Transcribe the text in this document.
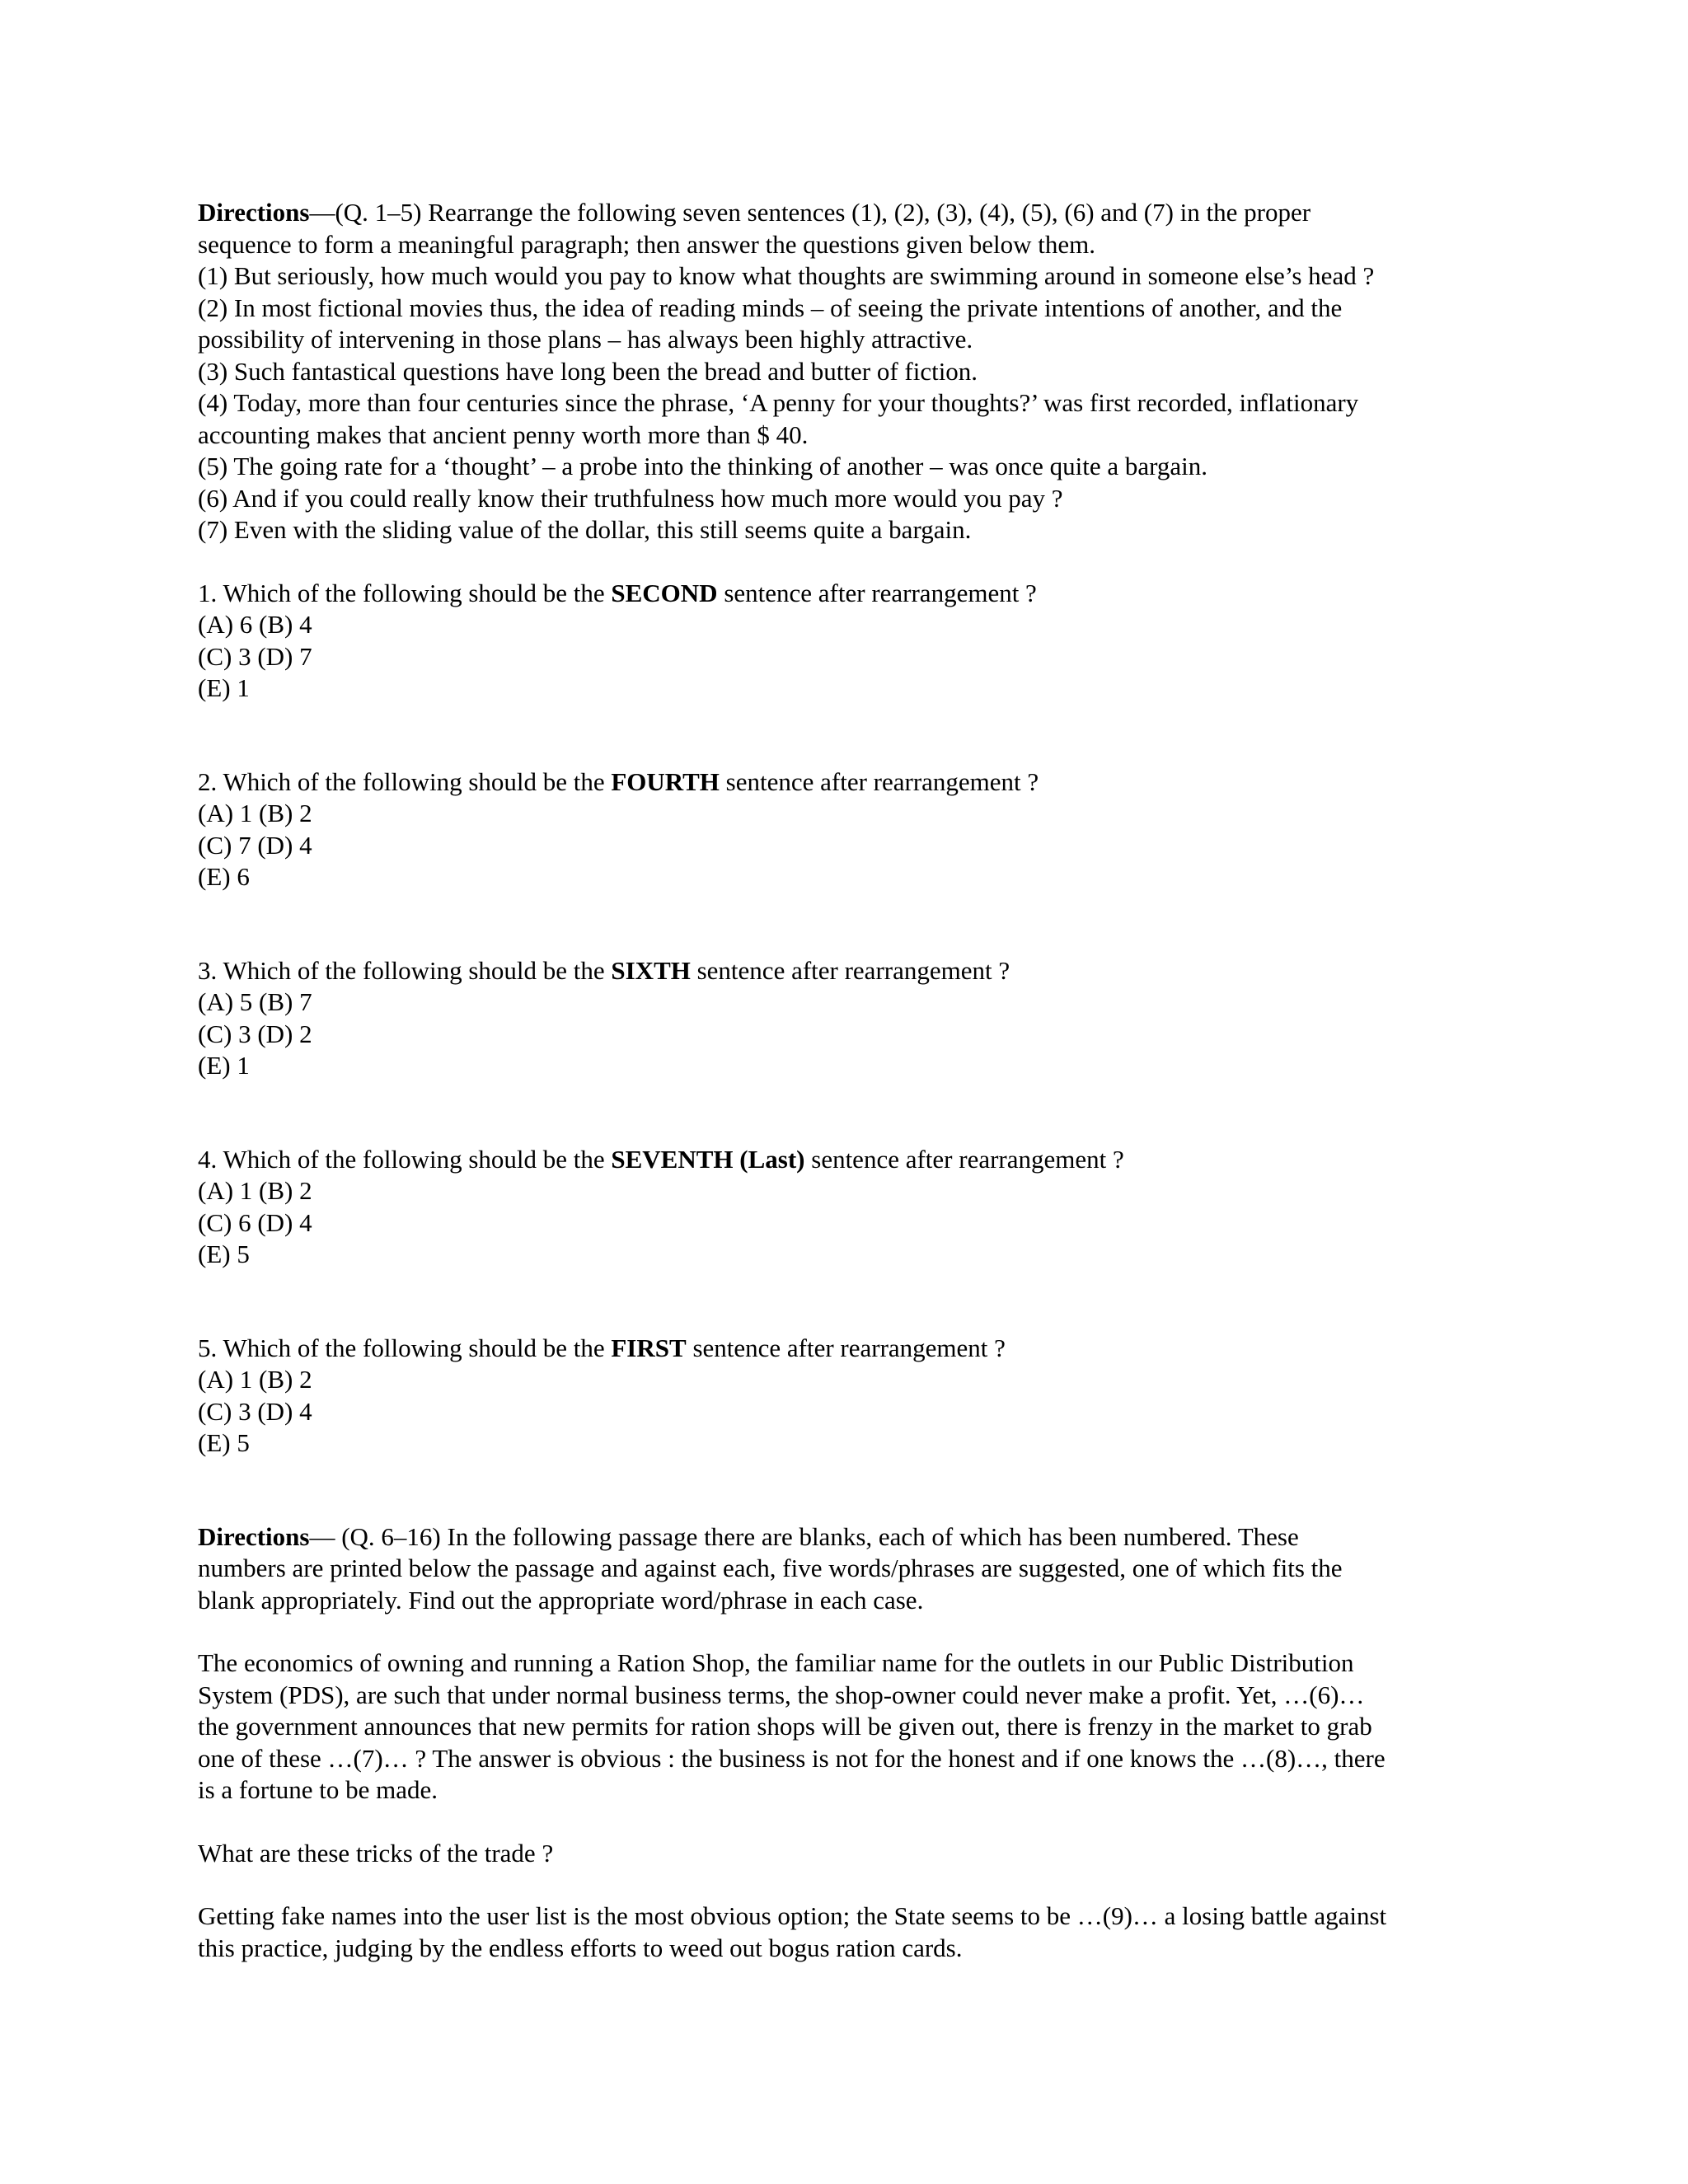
Directions—(Q. 1–5) Rearrange the following seven sentences (1), (2), (3), (4), (5), (6) and (7) in the proper
sequence to form a meaningful paragraph; then answer the questions given below them.
(1) But seriously, how much would you pay to know what thoughts are swimming around in someone else’s head ?
(2) In most fictional movies thus, the idea of reading minds – of seeing the private intentions of another, and the
possibility of intervening in those plans – has always been highly attractive.
(3) Such fantastical questions have long been the bread and butter of fiction.
(4) Today, more than four centuries since the phrase, ‘A penny for your thoughts?’ was first recorded, inflationary
accounting makes that ancient penny worth more than $ 40.
(5) The going rate for a ‘thought’ – a probe into the thinking of another – was once quite a bargain.
(6) And if you could really know their truthfulness how much more would you pay ?
(7) Even with the sliding value of the dollar, this still seems quite a bargain.
1. Which of the following should be the SECOND sentence after rearrangement ?
(A) 6 (B) 4
(C) 3 (D) 7
(E) 1
2. Which of the following should be the FOURTH sentence after rearrangement ?
(A) 1 (B) 2
(C) 7 (D) 4
(E) 6
3. Which of the following should be the SIXTH sentence after rearrangement ?
(A) 5 (B) 7
(C) 3 (D) 2
(E) 1
4. Which of the following should be the SEVENTH (Last) sentence after rearrangement ?
(A) 1 (B) 2
(C) 6 (D) 4
(E) 5
5. Which of the following should be the FIRST sentence after rearrangement ?
(A) 1 (B) 2
(C) 3 (D) 4
(E) 5
Directions— (Q. 6–16) In the following passage there are blanks, each of which has been numbered. These
numbers are printed below the passage and against each, five words/phrases are suggested, one of which fits the
blank appropriately. Find out the appropriate word/phrase in each case.
The economics of owning and running a Ration Shop, the familiar name for the outlets in our Public Distribution
System (PDS), are such that under normal business terms, the shop-owner could never make a profit. Yet, …(6)…
the government announces that new permits for ration shops will be given out, there is frenzy in the market to grab
one of these …(7)… ? The answer is obvious : the business is not for the honest and if one knows the …(8)…, there
is a fortune to be made.
What are these tricks of the trade ?
Getting fake names into the user list is the most obvious option; the State seems to be …(9)… a losing battle against
this practice, judging by the endless efforts to weed out bogus ration cards.
